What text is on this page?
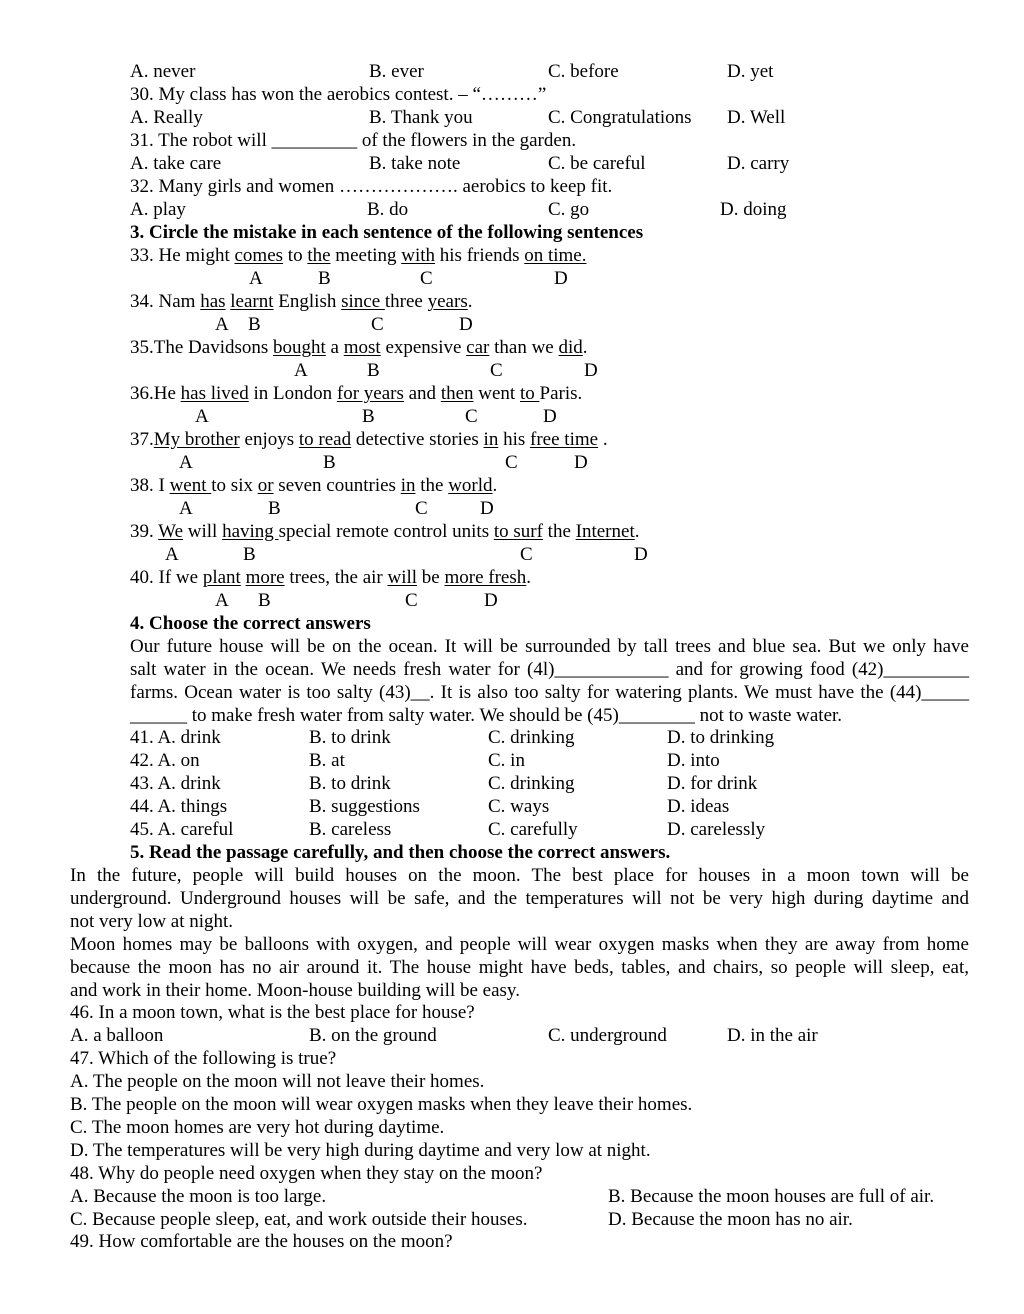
A. never	B. ever	C. before	D. yet
30. My class has won the aerobics contest. – “………”
A. Really	B. Thank you	C. Congratulations D. Well
31. The robot will _________ of the flowers in the garden.
A. take care	B. take note	C. be careful	D. carry
32. Many girls and women ………………. aerobics to keep fit.
A. play	B. do	C. go	D. doing
3. Circle the mistake in each sentence of the following sentences
33. He might comes to the meeting with his friends on time.
A	B	C	D
34. Nam has learnt English since three years.
A B	C	D
35.The Davidsons bought a most expensive car than we did.
A	B	C	D
36.He has lived in London for years and then went to Paris.
A	B	C	D
37.My brother enjoys to read detective stories in his free time .
A	B	C	D
38. I went to six or seven countries in the world.
A	B	C	D
39. We will having special remote control units to surf the Internet.
A	B	C	D
40. If we plant more trees, the air will be more fresh.
A B	C	D
4. Choose the correct answers
Our future house will be on the ocean. It will be surrounded by tall trees and blue sea. But we only have
salt water in the ocean. We needs fresh water for (4l)____________ and for growing food (42)_________
farms. Ocean water is too salty (43)__. It is also too salty for watering plants. We must have the (44)_____
______ to make fresh water from salty water. We should be (45)________ not to waste water.
41. A. drink	B. to drink	C. drinking	D. to drinking
42. A. on	B. at	C. in	D. into
43. A. drink	B. to drink	C. drinking	D. for drink
44. A. things	B. suggestions	C. ways	D. ideas
45. A. careful	B. careless	C. carefully	D. carelessly
5. Read the passage carefully, and then choose the correct answers.
In the future, people will build houses on the moon. The best place for houses in a moon town will be
underground. Underground houses will be safe, and the temperatures will not be very high during daytime and
not very low at night.
Moon homes may be balloons with oxygen, and people will wear oxygen masks when they are away from home
because the moon has no air around it. The house might have beds, tables, and chairs, so people will sleep, eat,
and work in their home. Moon-house building will be easy.
46. In a moon town, what is the best place for house?
A. a balloon	B. on the ground	C. underground	D. in the air
47. Which of the following is true?
A. The people on the moon will not leave their homes.
B. The people on the moon will wear oxygen masks when they leave their homes.
C. The moon homes are very hot during daytime.
D. The temperatures will be very high during daytime and very low at night.
48. Why do people need oxygen when they stay on the moon?
A. Because the moon is too large.	B. Because the moon houses are full of air.
C. Because people sleep, eat, and work outside their houses.	D. Because the moon has no air.
49. How comfortable are the houses on the moon?
